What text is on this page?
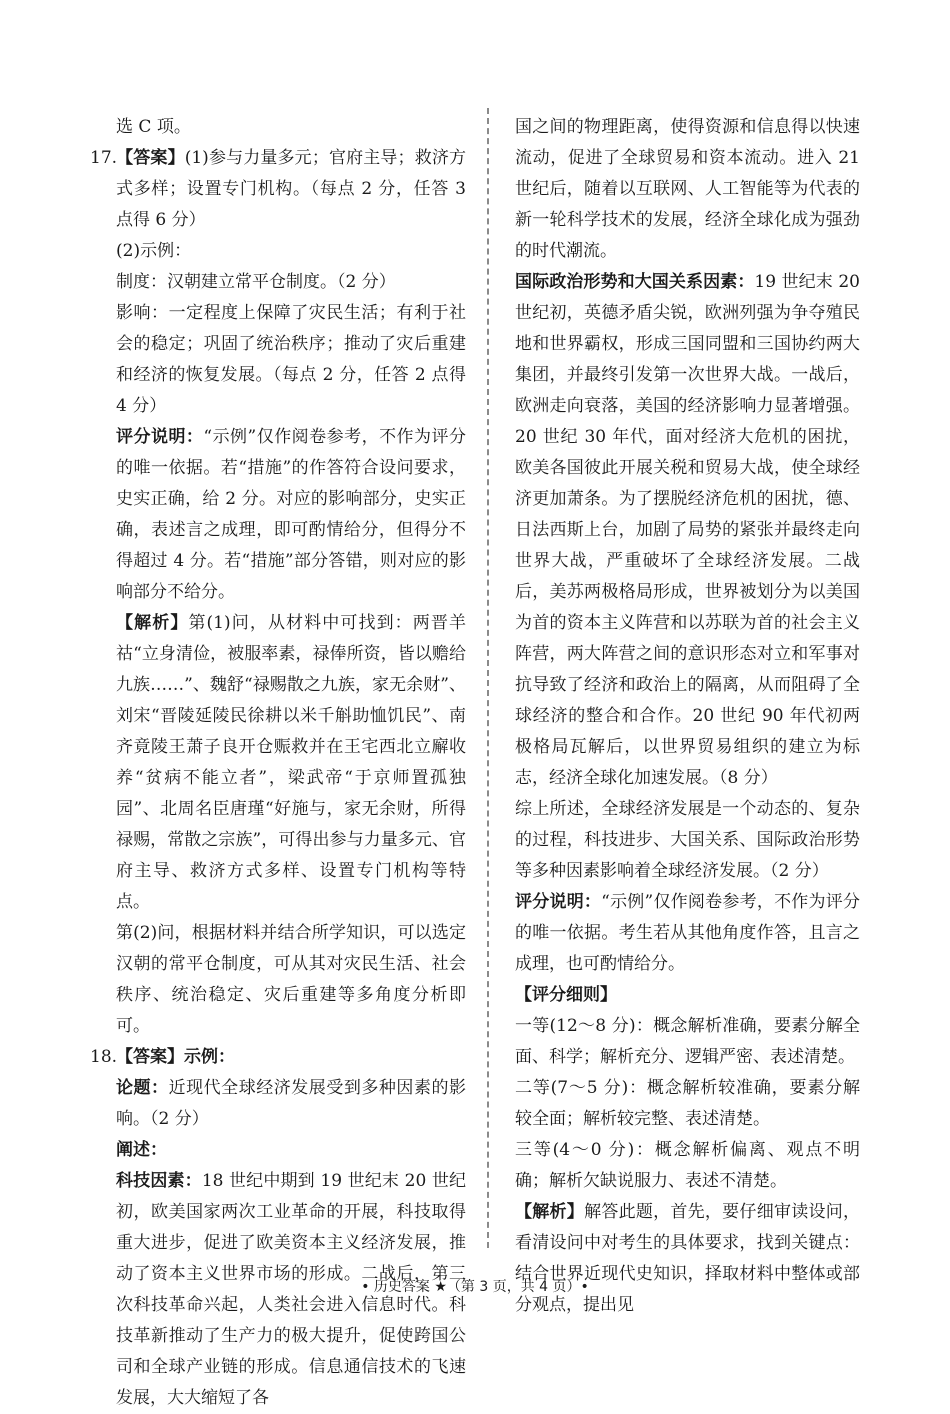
选 C 项。

17.【答案】(1)参与力量多元；官府主导；救济方式多样；设置专门机构。（每点 2 分，任答 3 点得 6 分）

(2)示例：

制度：汉朝建立常平仓制度。（2 分）

影响：一定程度上保障了灾民生活；有利于社会的稳定；巩固了统治秩序；推动了灾后重建和经济的恢复发展。（每点 2 分，任答 2 点得 4 分）

评分说明：“示例”仅作阅卷参考，不作为评分的唯一依据。若“措施”的作答符合设问要求，史实正确，给 2 分。对应的影响部分，史实正确，表述言之成理，即可酌情给分，但得分不得超过 4 分。若“措施”部分答错，则对应的影响部分不给分。

【解析】第(1)问，从材料中可找到：两晋羊祜“立身清俭，被服率素，禄俸所资，皆以赡给九族……”、魏舒“禄赐散之九族，家无余财”、刘宋“晋陵延陵民徐耕以米千斛助恤饥民”、南齐竟陵王萧子良开仓赈救并在王宅西北立廨收养“贫病不能立者”，梁武帝“于京师置孤独园”、北周名臣唐瑾“好施与，家无余财，所得禄赐，常散之宗族”，可得出参与力量多元、官府主导、救济方式多样、设置专门机构等特点。

第(2)问，根据材料并结合所学知识，可以选定汉朝的常平仓制度，可从其对灾民生活、社会秩序、统治稳定、灾后重建等多角度分析即可。

18.【答案】示例：

论题：近现代全球经济发展受到多种因素的影响。（2 分）

阐述：

科技因素：18 世纪中期到 19 世纪末 20 世纪初，欧美国家两次工业革命的开展，科技取得重大进步，促进了欧美资本主义经济发展，推动了资本主义世界市场的形成。二战后，第三次科技革命兴起，人类社会进入信息时代。科技革新推动了生产力的极大提升，促使跨国公司和全球产业链的形成。信息通信技术的飞速发展，大大缩短了各

国之间的物理距离，使得资源和信息得以快速流动，促进了全球贸易和资本流动。进入 21 世纪后，随着以互联网、人工智能等为代表的新一轮科学技术的发展，经济全球化成为强劲的时代潮流。

国际政治形势和大国关系因素：19 世纪末 20 世纪初，英德矛盾尖锐，欧洲列强为争夺殖民地和世界霸权，形成三国同盟和三国协约两大集团，并最终引发第一次世界大战。一战后，欧洲走向衰落，美国的经济影响力显著增强。20 世纪 30 年代，面对经济大危机的困扰，欧美各国彼此开展关税和贸易大战，使全球经济更加萧条。为了摆脱经济危机的困扰，德、日法西斯上台，加剧了局势的紧张并最终走向世界大战，严重破坏了全球经济发展。二战后，美苏两极格局形成，世界被划分为以美国为首的资本主义阵营和以苏联为首的社会主义阵营，两大阵营之间的意识形态对立和军事对抗导致了经济和政治上的隔离，从而阻碍了全球经济的整合和合作。20 世纪 90 年代初两极格局瓦解后，以世界贸易组织的建立为标志，经济全球化加速发展。（8 分）

综上所述，全球经济发展是一个动态的、复杂的过程，科技进步、大国关系、国际政治形势等多种因素影响着全球经济发展。（2 分）

评分说明：“示例”仅作阅卷参考，不作为评分的唯一依据。考生若从其他角度作答，且言之成理，也可酌情给分。

【评分细则】

一等(12～8 分)：概念解析准确，要素分解全面、科学；解析充分、逻辑严密、表述清楚。

二等(7～5 分)：概念解析较准确，要素分解较全面；解析较完整、表述清楚。

三等(4～0 分)：概念解析偏离、观点不明确；解析欠缺说服力、表述不清楚。

【解析】解答此题，首先，要仔细审读设问，看清设问中对考生的具体要求，找到关键点：结合世界近现代史知识，择取材料中整体或部分观点，提出见

• 历史答案 ★（第 3 页，共 4 页）•
